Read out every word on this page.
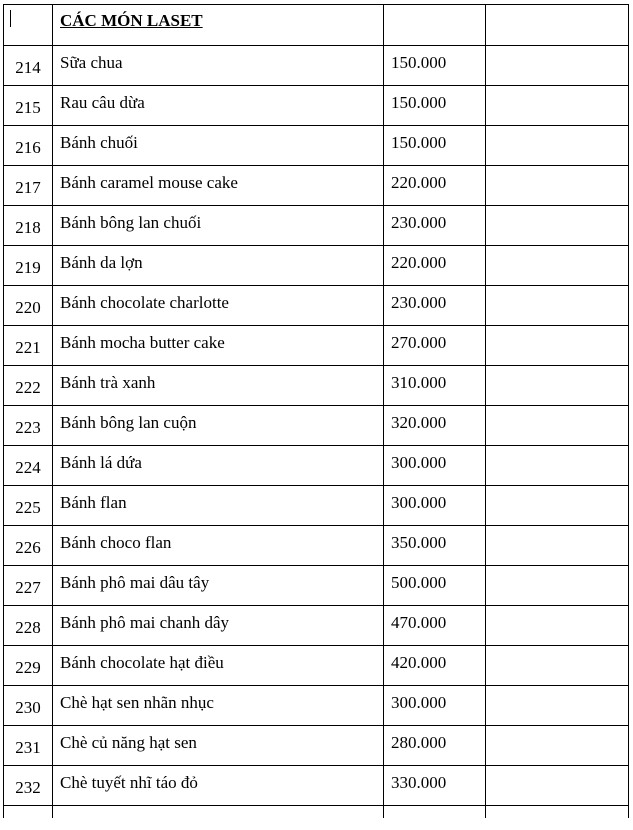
	CÁC MÓN LASET		
214	Sữa chua	150.000	
215	Rau câu dừa	150.000	
216	Bánh chuối	150.000	
217	Bánh caramel mouse cake	220.000	
218	Bánh bông lan chuối	230.000	
219	Bánh da lợn	220.000	
220	Bánh chocolate charlotte	230.000	
221	Bánh mocha butter cake	270.000	
222	Bánh trà xanh	310.000	
223	Bánh bông lan cuộn	320.000	
224	Bánh lá dứa	300.000	
225	Bánh flan	300.000	
226	Bánh choco flan	350.000	
227	Bánh phô mai dâu tây	500.000	
228	Bánh phô mai chanh dây	470.000	
229	Bánh chocolate hạt điều	420.000	
230	Chè hạt sen nhãn nhục	300.000	
231	Chè củ năng hạt sen	280.000	
232	Chè tuyết nhĩ táo đỏ	330.000	
